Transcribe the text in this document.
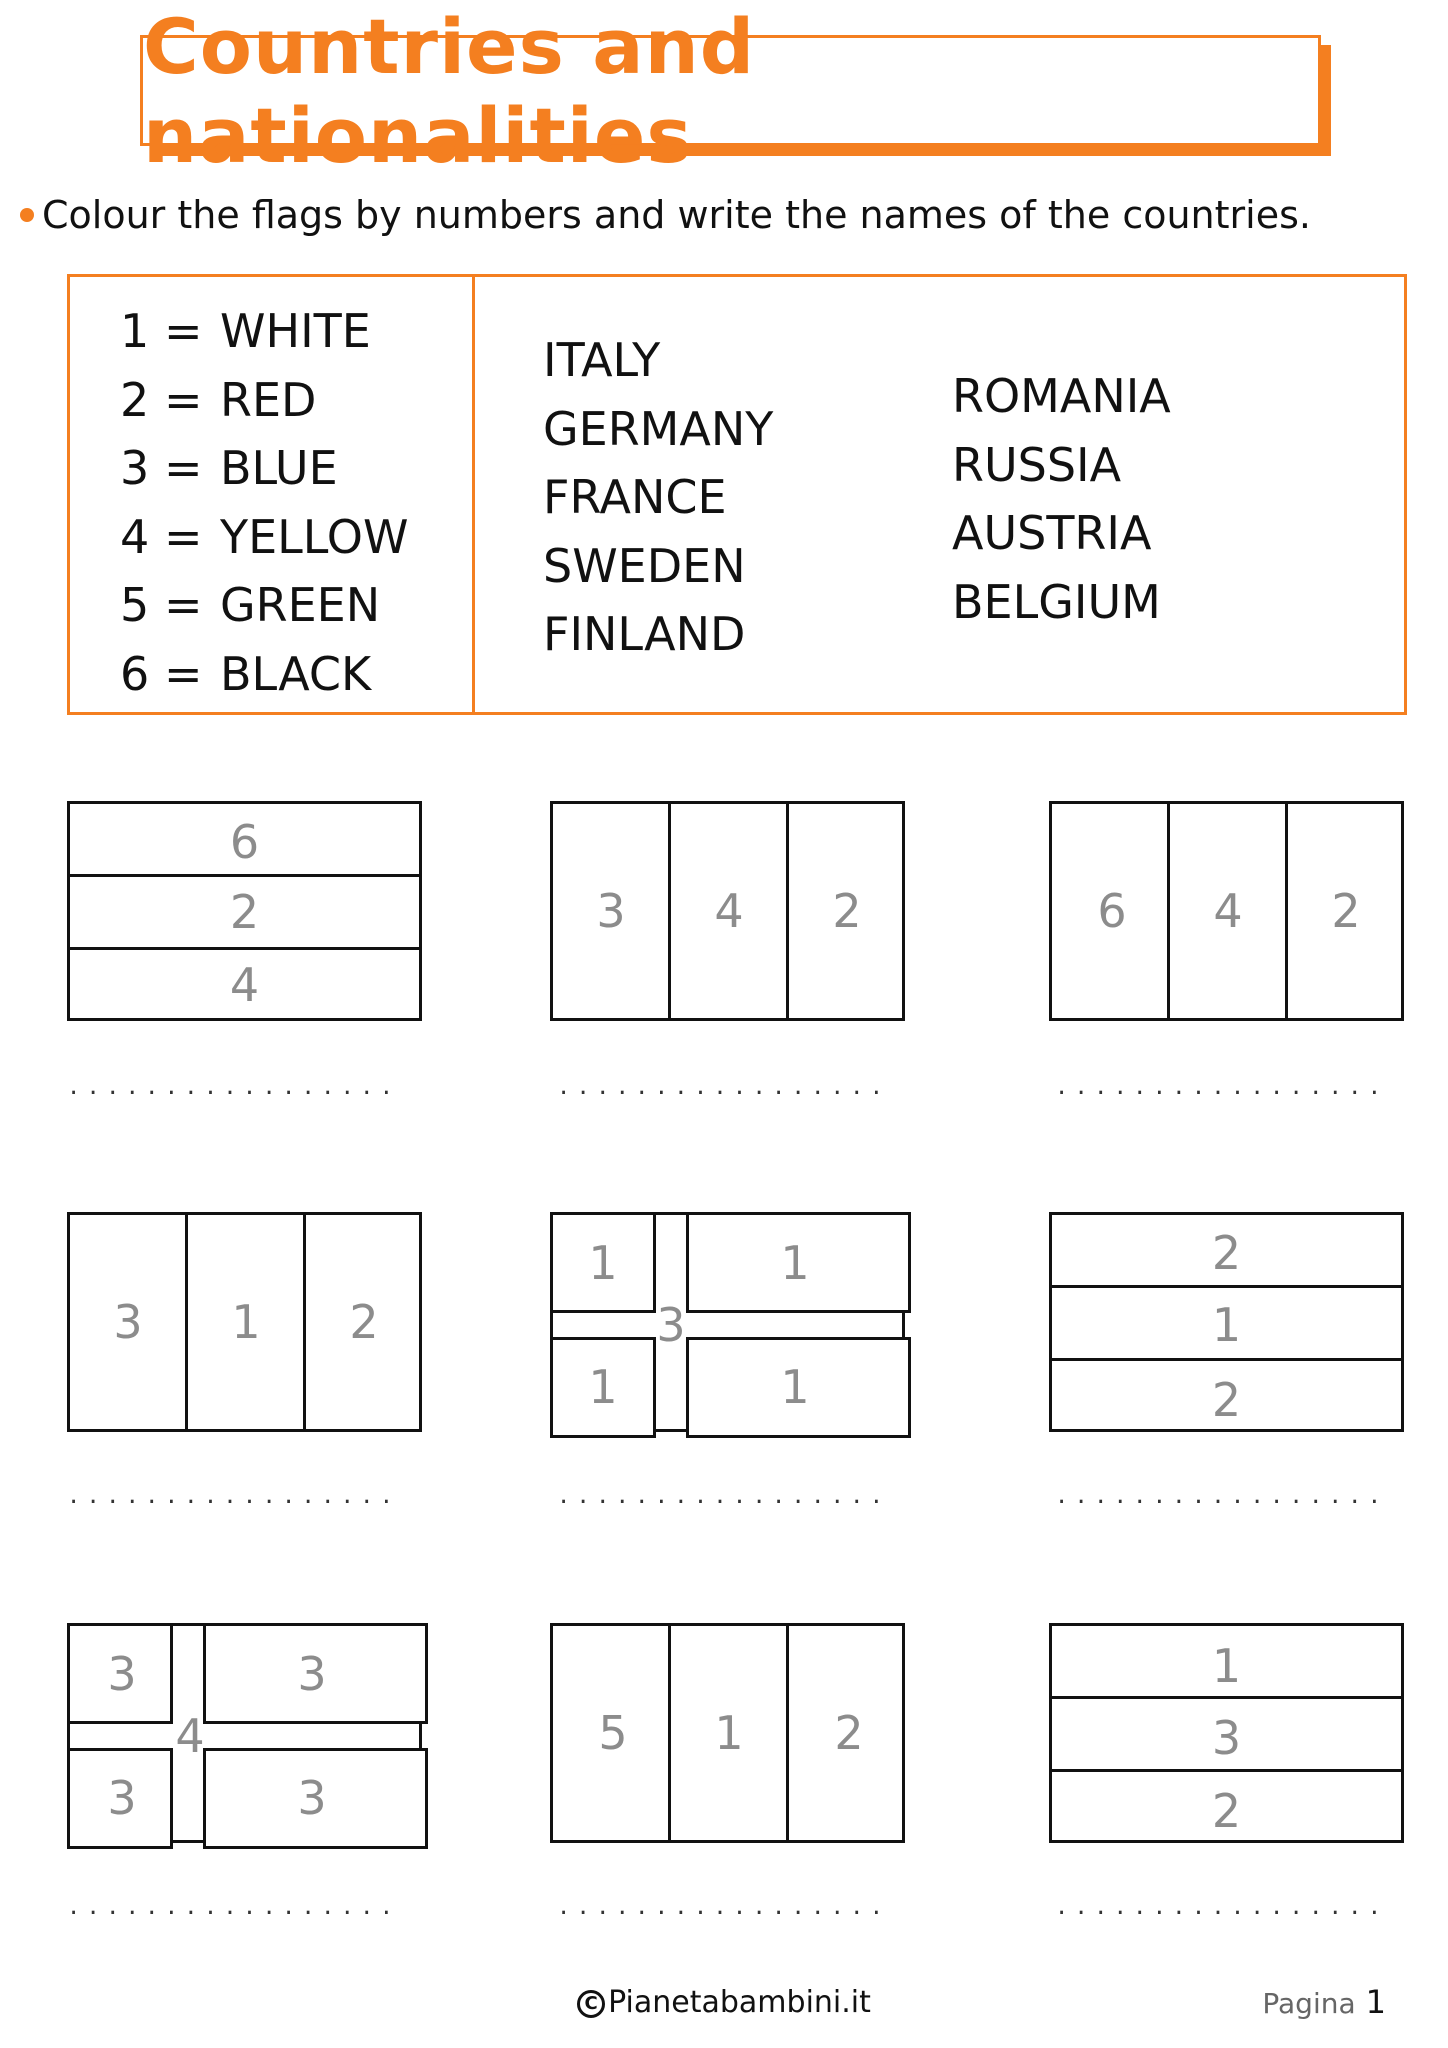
Countries and nationalities
Colour the flags by numbers and write the names of the countries.
1 = WHITE
2 = RED
3 = BLUE
4 = YELLOW
5 = GREEN
6 = BLACK
ITALY
GERMANY
FRANCE
SWEDEN
FINLAND
ROMANIA
RUSSIA
AUSTRIA
BELGIUM
6
2
4
3 4 2	6 4 2
.................	.................	.................
3 1 2
1	1
1	1
3
2
1
2
.................	.................	.................
3	3
3	3
4	5 1 2
1
3
2
.................	.................	.................
C Pianetabambini.it	Pagina 1
